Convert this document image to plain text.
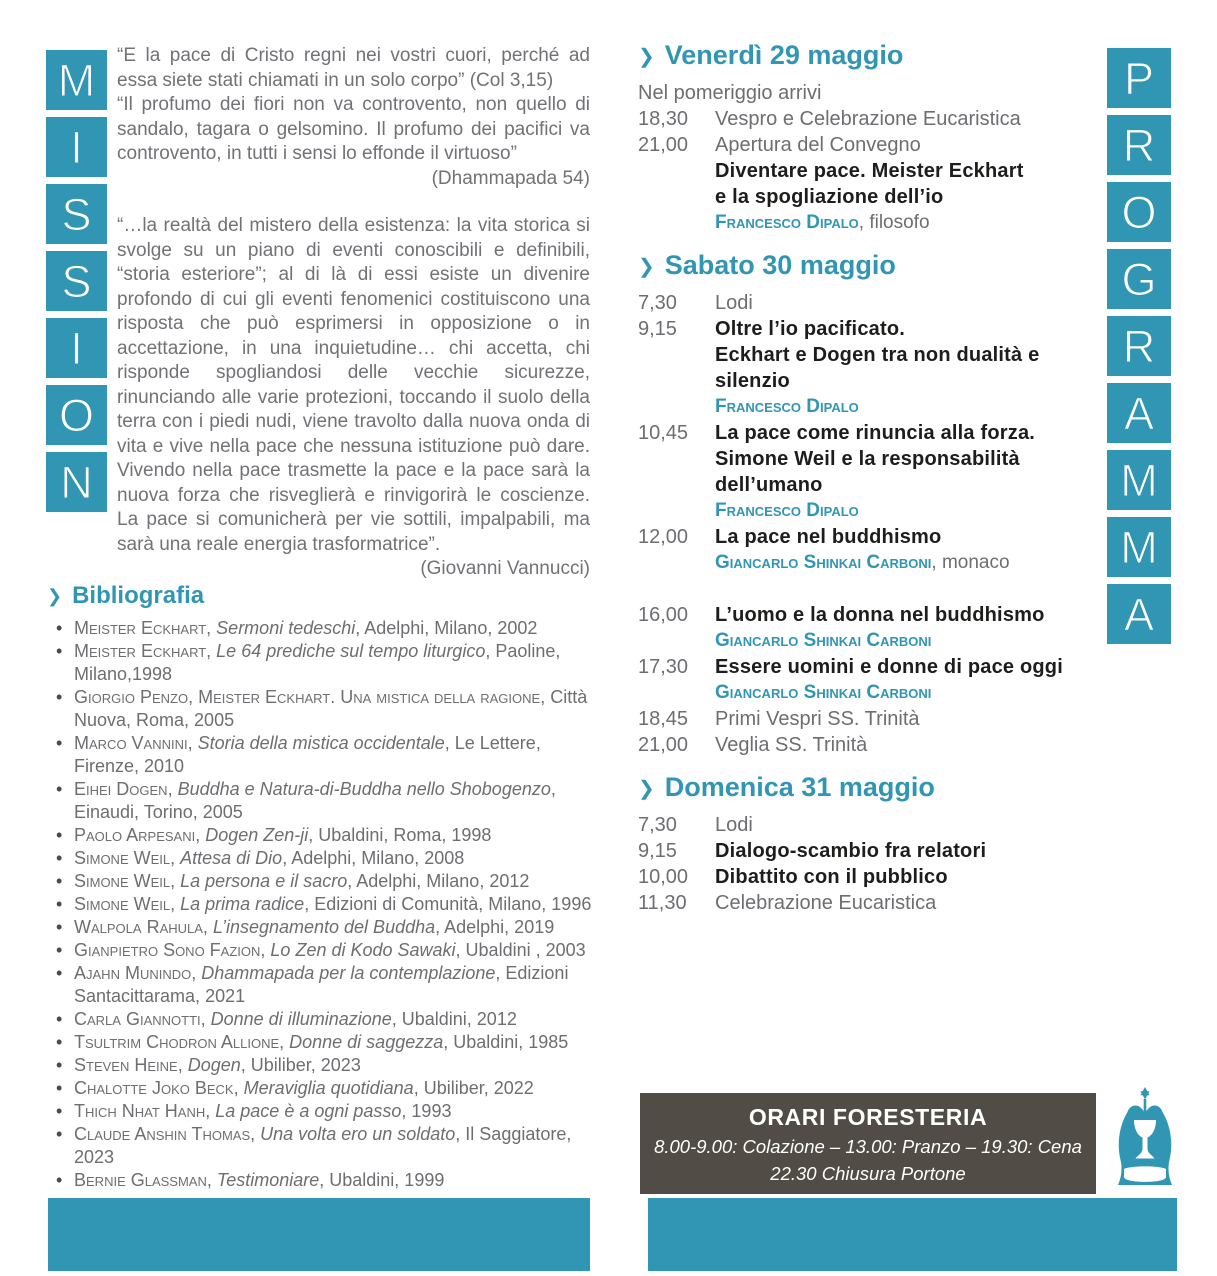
M
I
S
S
I
O
N

“E la pace di Cristo regni nei vostri cuori, perché ad essa siete stati chiamati in un solo corpo” (Col 3,15)

“Il profumo dei fiori non va controvento, non quello di sandalo, tagara o gelsomino. Il profumo dei pacifici va controvento, in tutti i sensi lo effonde il virtuoso”

(Dhammapada 54)

“…la realtà del mistero della esistenza: la vita storica si svolge su un piano di eventi conoscibili e definibili, “storia esteriore”; al di là di essi esiste un divenire profondo di cui gli eventi fenomenici costituiscono una risposta che può esprimersi in opposizione o in accettazione, in una inquietudine… chi accetta, chi risponde spogliandosi delle vecchie sicurezze, rinunciando alle varie protezioni, toccando il suolo della terra con i piedi nudi, viene travolto dalla nuova onda di vita e vive nella pace che nessuna istituzione può dare. Vivendo nella pace trasmette la pace e la pace sarà la nuova forza che risveglierà e rinvigorirà le coscienze. La pace si comunicherà per vie sottili, impalpabili, ma sarà una reale energia trasformatrice”.

(Giovanni Vannucci)

❯ Bibliografia
• Meister Eckhart, Sermoni tedeschi, Adelphi, Milano, 2002
• Meister Eckhart, Le 64 prediche sul tempo liturgico, Paoline, Milano,1998
• Giorgio Penzo, Meister Eckhart. Una mistica della ragione, Città Nuova, Roma, 2005
• Marco Vannini, Storia della mistica occidentale, Le Lettere, Firenze, 2010
• Eihei Dogen, Buddha e Natura-di-Buddha nello Shobogenzo, Einaudi, Torino, 2005
• Paolo Arpesani, Dogen Zen-ji, Ubaldini, Roma, 1998
• Simone Weil, Attesa di Dio, Adelphi, Milano, 2008
• Simone Weil, La persona e il sacro, Adelphi, Milano, 2012
• Simone Weil, La prima radice, Edizioni di Comunità, Milano, 1996
• Walpola Rahula, L’insegnamento del Buddha, Adelphi, 2019
• Gianpietro Sono Fazion, Lo Zen di Kodo Sawaki, Ubaldini , 2003
• Ajahn Munindo, Dhammapada per la contemplazione, Edizioni Santacittarama, 2021
• Carla Giannotti, Donne di illuminazione, Ubaldini, 2012
• Tsultrim Chodron Allione, Donne di saggezza, Ubaldini, 1985
• Steven Heine, Dogen, Ubiliber, 2023
• Chalotte Joko Beck, Meraviglia quotidiana, Ubiliber, 2022
• Thich Nhat Hanh, La pace è a ogni passo, 1993
• Claude Anshin Thomas, Una volta ero un soldato, Il Saggiatore, 2023
• Bernie Glassman, Testimoniare, Ubaldini, 1999
❯ Venerdì 29 maggio
Nel pomeriggio arrivi
18,30	Vespro e Celebrazione Eucaristica
21,00	Apertura del Convegno
Diventare pace. Meister Eckhart
e la spogliazione dell’io
Francesco Dipalo , filosofo
❯ Sabato 30 maggio
7,30	Lodi
9,15	Oltre l’io pacificato.
Eckhart e Dogen tra non dualità e
silenzio
Francesco Dipalo
10,45	La pace come rinuncia alla forza.
Simone Weil e la responsabilità
dell’umano
Francesco Dipalo
12,00	La pace nel buddhismo
Giancarlo Shinkai Carboni , monaco
16,00	L’uomo e la donna nel buddhismo
Giancarlo Shinkai Carboni
17,30	Essere uomini e donne di pace oggi
Giancarlo Shinkai Carboni
18,45	Primi Vespri SS. Trinità
21,00	Veglia SS. Trinità
❯ Domenica 31 maggio
7,30	Lodi
9,15	Dialogo-scambio fra relatori
10,00	Dibattito con il pubblico
11,30	Celebrazione Eucaristica
ORARI FORESTERIA

8.00-9.00: Colazione – 13.00: Pranzo – 19.30: Cena

22.30 Chiusura Portone

P
R
O
G
R
A
M
M
A
